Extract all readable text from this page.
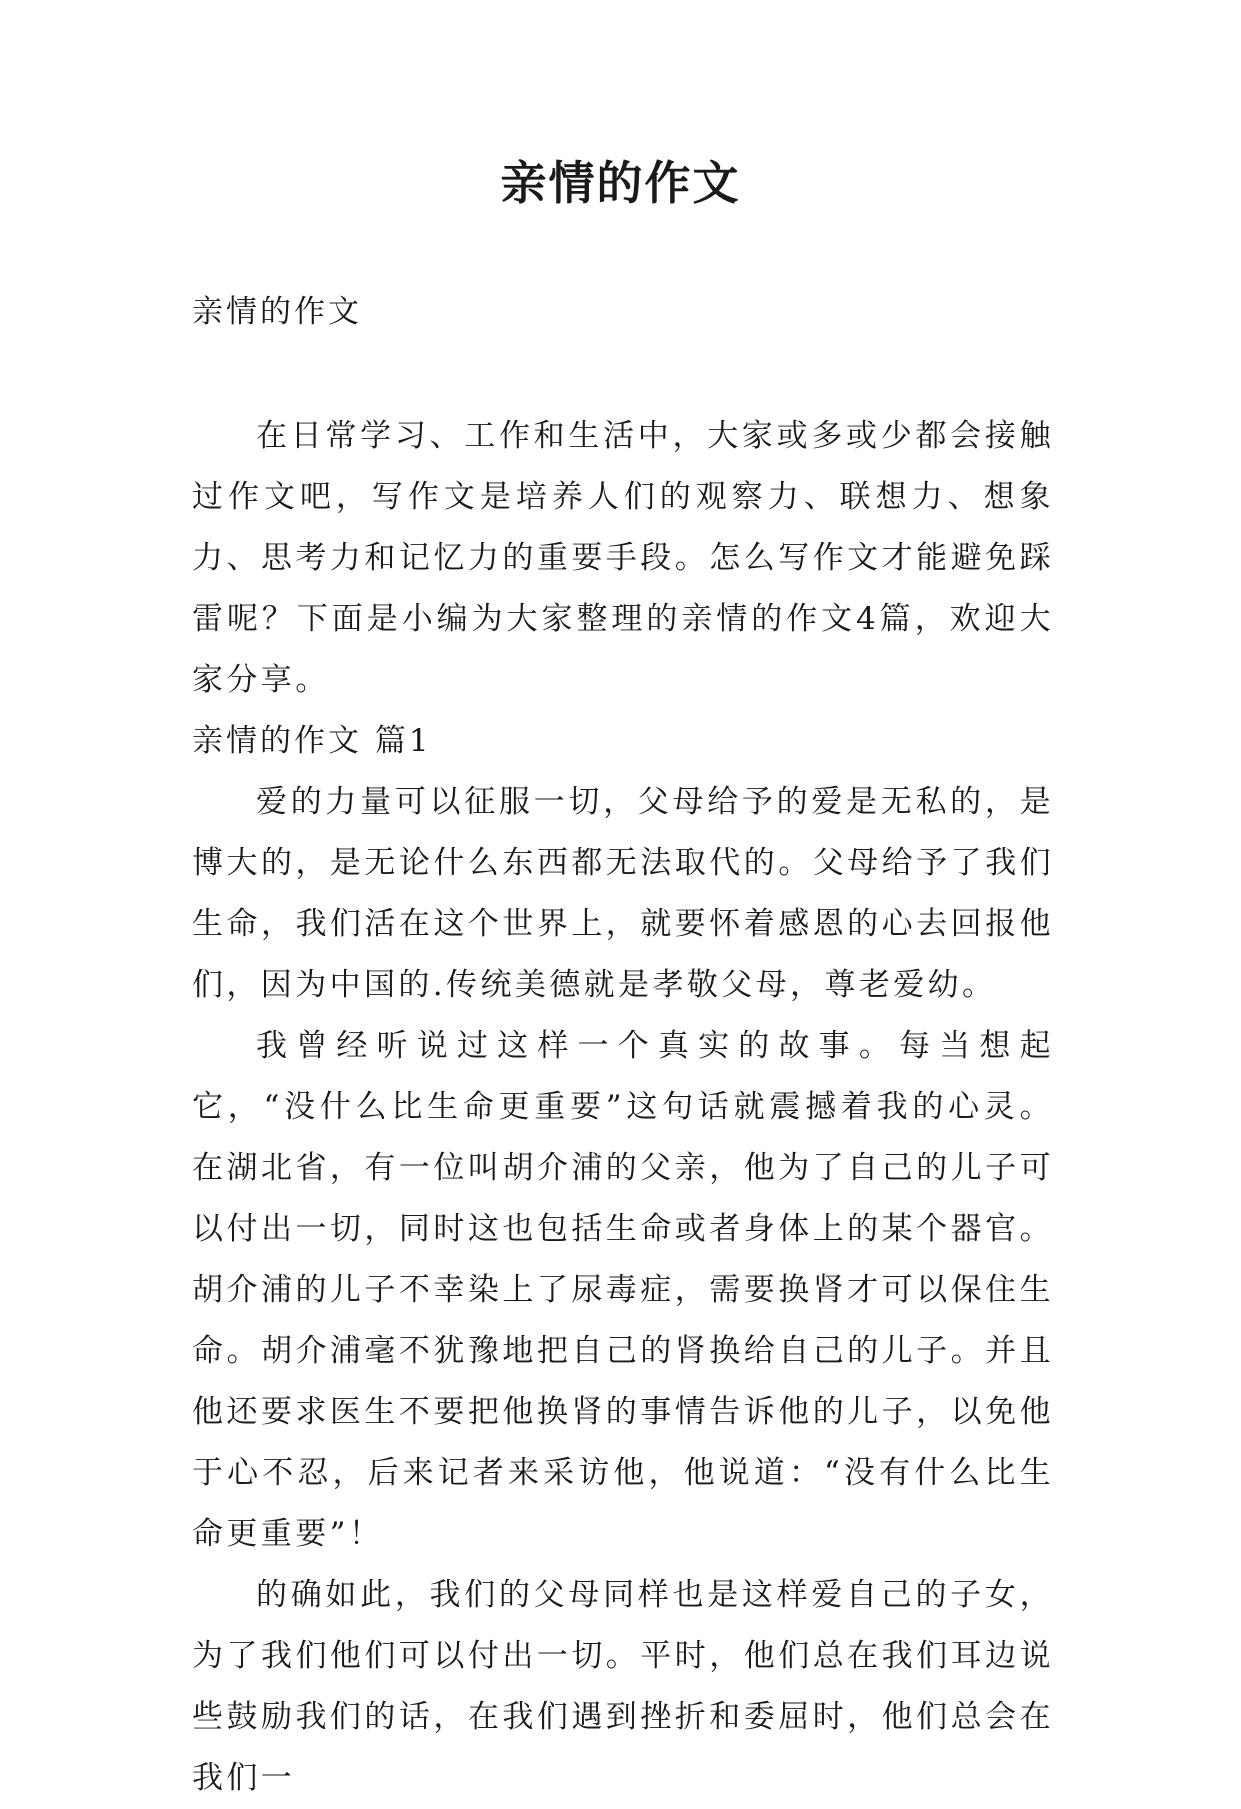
亲情的作文

亲情的作文

在日常学习、工作和生活中，大家或多或少都会接触过作文吧，写作文是培养人们的观察力、联想力、想象力、思考力和记忆力的重要手段。怎么写作文才能避免踩雷呢？下面是小编为大家整理的亲情的作文4篇，欢迎大家分享。

亲情的作文 篇1

爱的力量可以征服一切，父母给予的爱是无私的，是博大的，是无论什么东西都无法取代的。父母给予了我们生命，我们活在这个世界上，就要怀着感恩的心去回报他们，因为中国的.传统美德就是孝敬父母，尊老爱幼。

我曾经听说过这样一个真实的故事。每当想起它，“没什么比生命更重要”这句话就震撼着我的心灵。在湖北省，有一位叫胡介浦的父亲，他为了自己的儿子可以付出一切，同时这也包括生命或者身体上的某个器官。胡介浦的儿子不幸染上了尿毒症，需要换肾才可以保住生命。胡介浦毫不犹豫地把自己的肾换给自己的儿子。并且他还要求医生不要把他换肾的事情告诉他的儿子，以免他于心不忍，后来记者来采访他，他说道：“没有什么比生命更重要”！

的确如此，我们的父母同样也是这样爱自己的子女，为了我们他们可以付出一切。平时，他们总在我们耳边说些鼓励我们的话，在我们遇到挫折和委屈时，他们总会在我们一
